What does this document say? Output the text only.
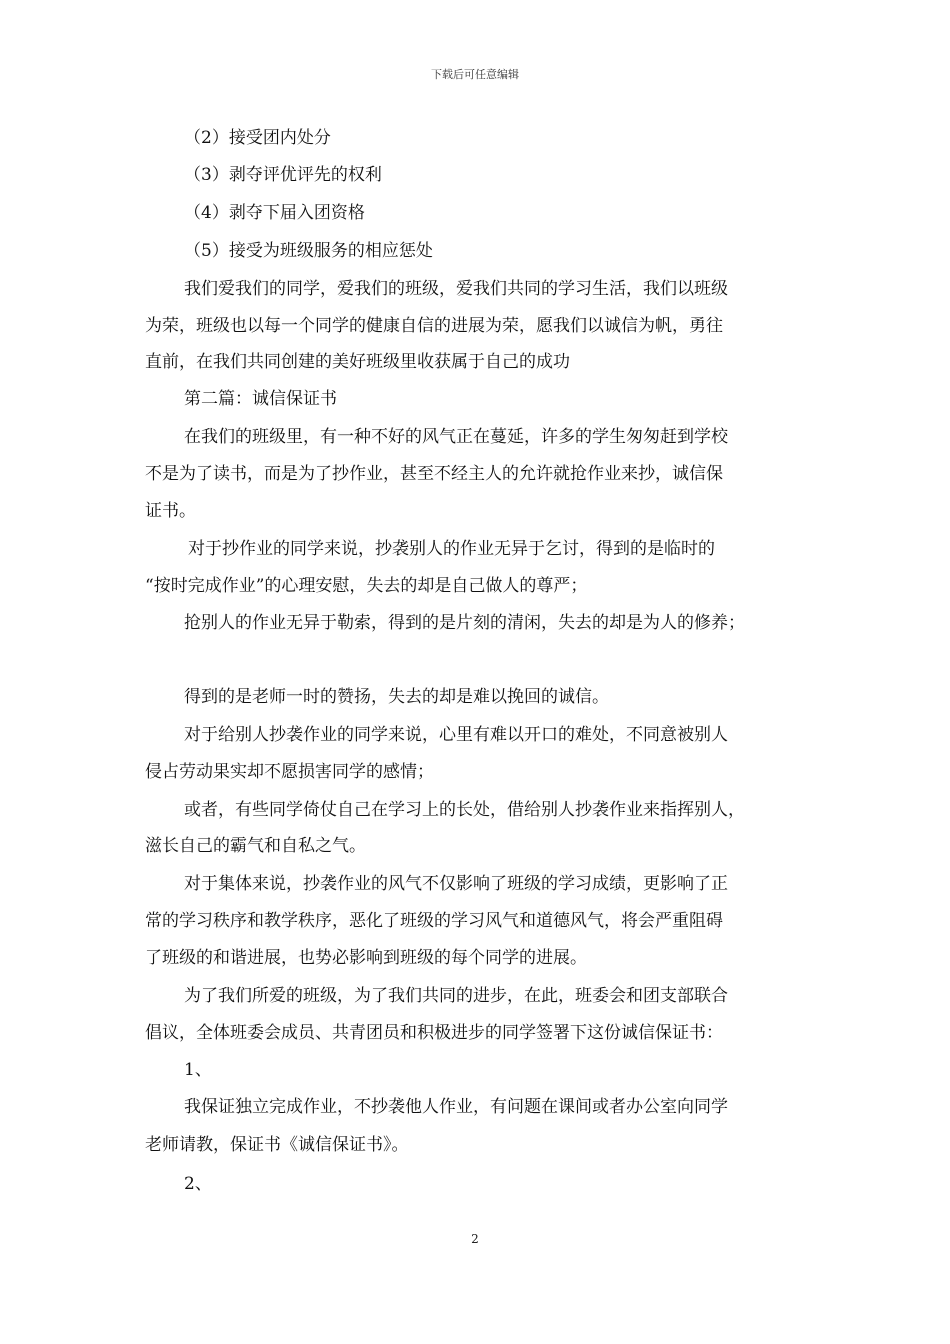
下载后可任意编辑
（2）接受团内处分
（3）剥夺评优评先的权利
（4）剥夺下届入团资格
（5）接受为班级服务的相应惩处
我们爱我们的同学，爱我们的班级，爱我们共同的学习生活，我们以班级
为荣，班级也以每一个同学的健康自信的进展为荣，愿我们以诚信为帆，勇往
直前，在我们共同创建的美好班级里收获属于自己的成功
第二篇：诚信保证书
在我们的班级里，有一种不好的风气正在蔓延，许多的学生匆匆赶到学校
不是为了读书，而是为了抄作业，甚至不经主人的允许就抢作业来抄，诚信保
证书。
对于抄作业的同学来说，抄袭别人的作业无异于乞讨，得到的是临时的
“按时完成作业”的心理安慰，失去的却是自己做人的尊严；
抢别人的作业无异于勒索，得到的是片刻的清闲，失去的却是为人的修养；
得到的是老师一时的赞扬，失去的却是难以挽回的诚信。
对于给别人抄袭作业的同学来说，心里有难以开口的难处，不同意被别人
侵占劳动果实却不愿损害同学的感情；
或者，有些同学倚仗自己在学习上的长处，借给别人抄袭作业来指挥别人，
滋长自己的霸气和自私之气。
对于集体来说，抄袭作业的风气不仅影响了班级的学习成绩，更影响了正
常的学习秩序和教学秩序，恶化了班级的学习风气和道德风气，将会严重阻碍
了班级的和谐进展，也势必影响到班级的每个同学的进展。
为了我们所爱的班级，为了我们共同的进步，在此，班委会和团支部联合
倡议，全体班委会成员、共青团员和积极进步的同学签署下这份诚信保证书：
1、
我保证独立完成作业，不抄袭他人作业，有问题在课间或者办公室向同学
老师请教，保证书《诚信保证书》。
2、
2
